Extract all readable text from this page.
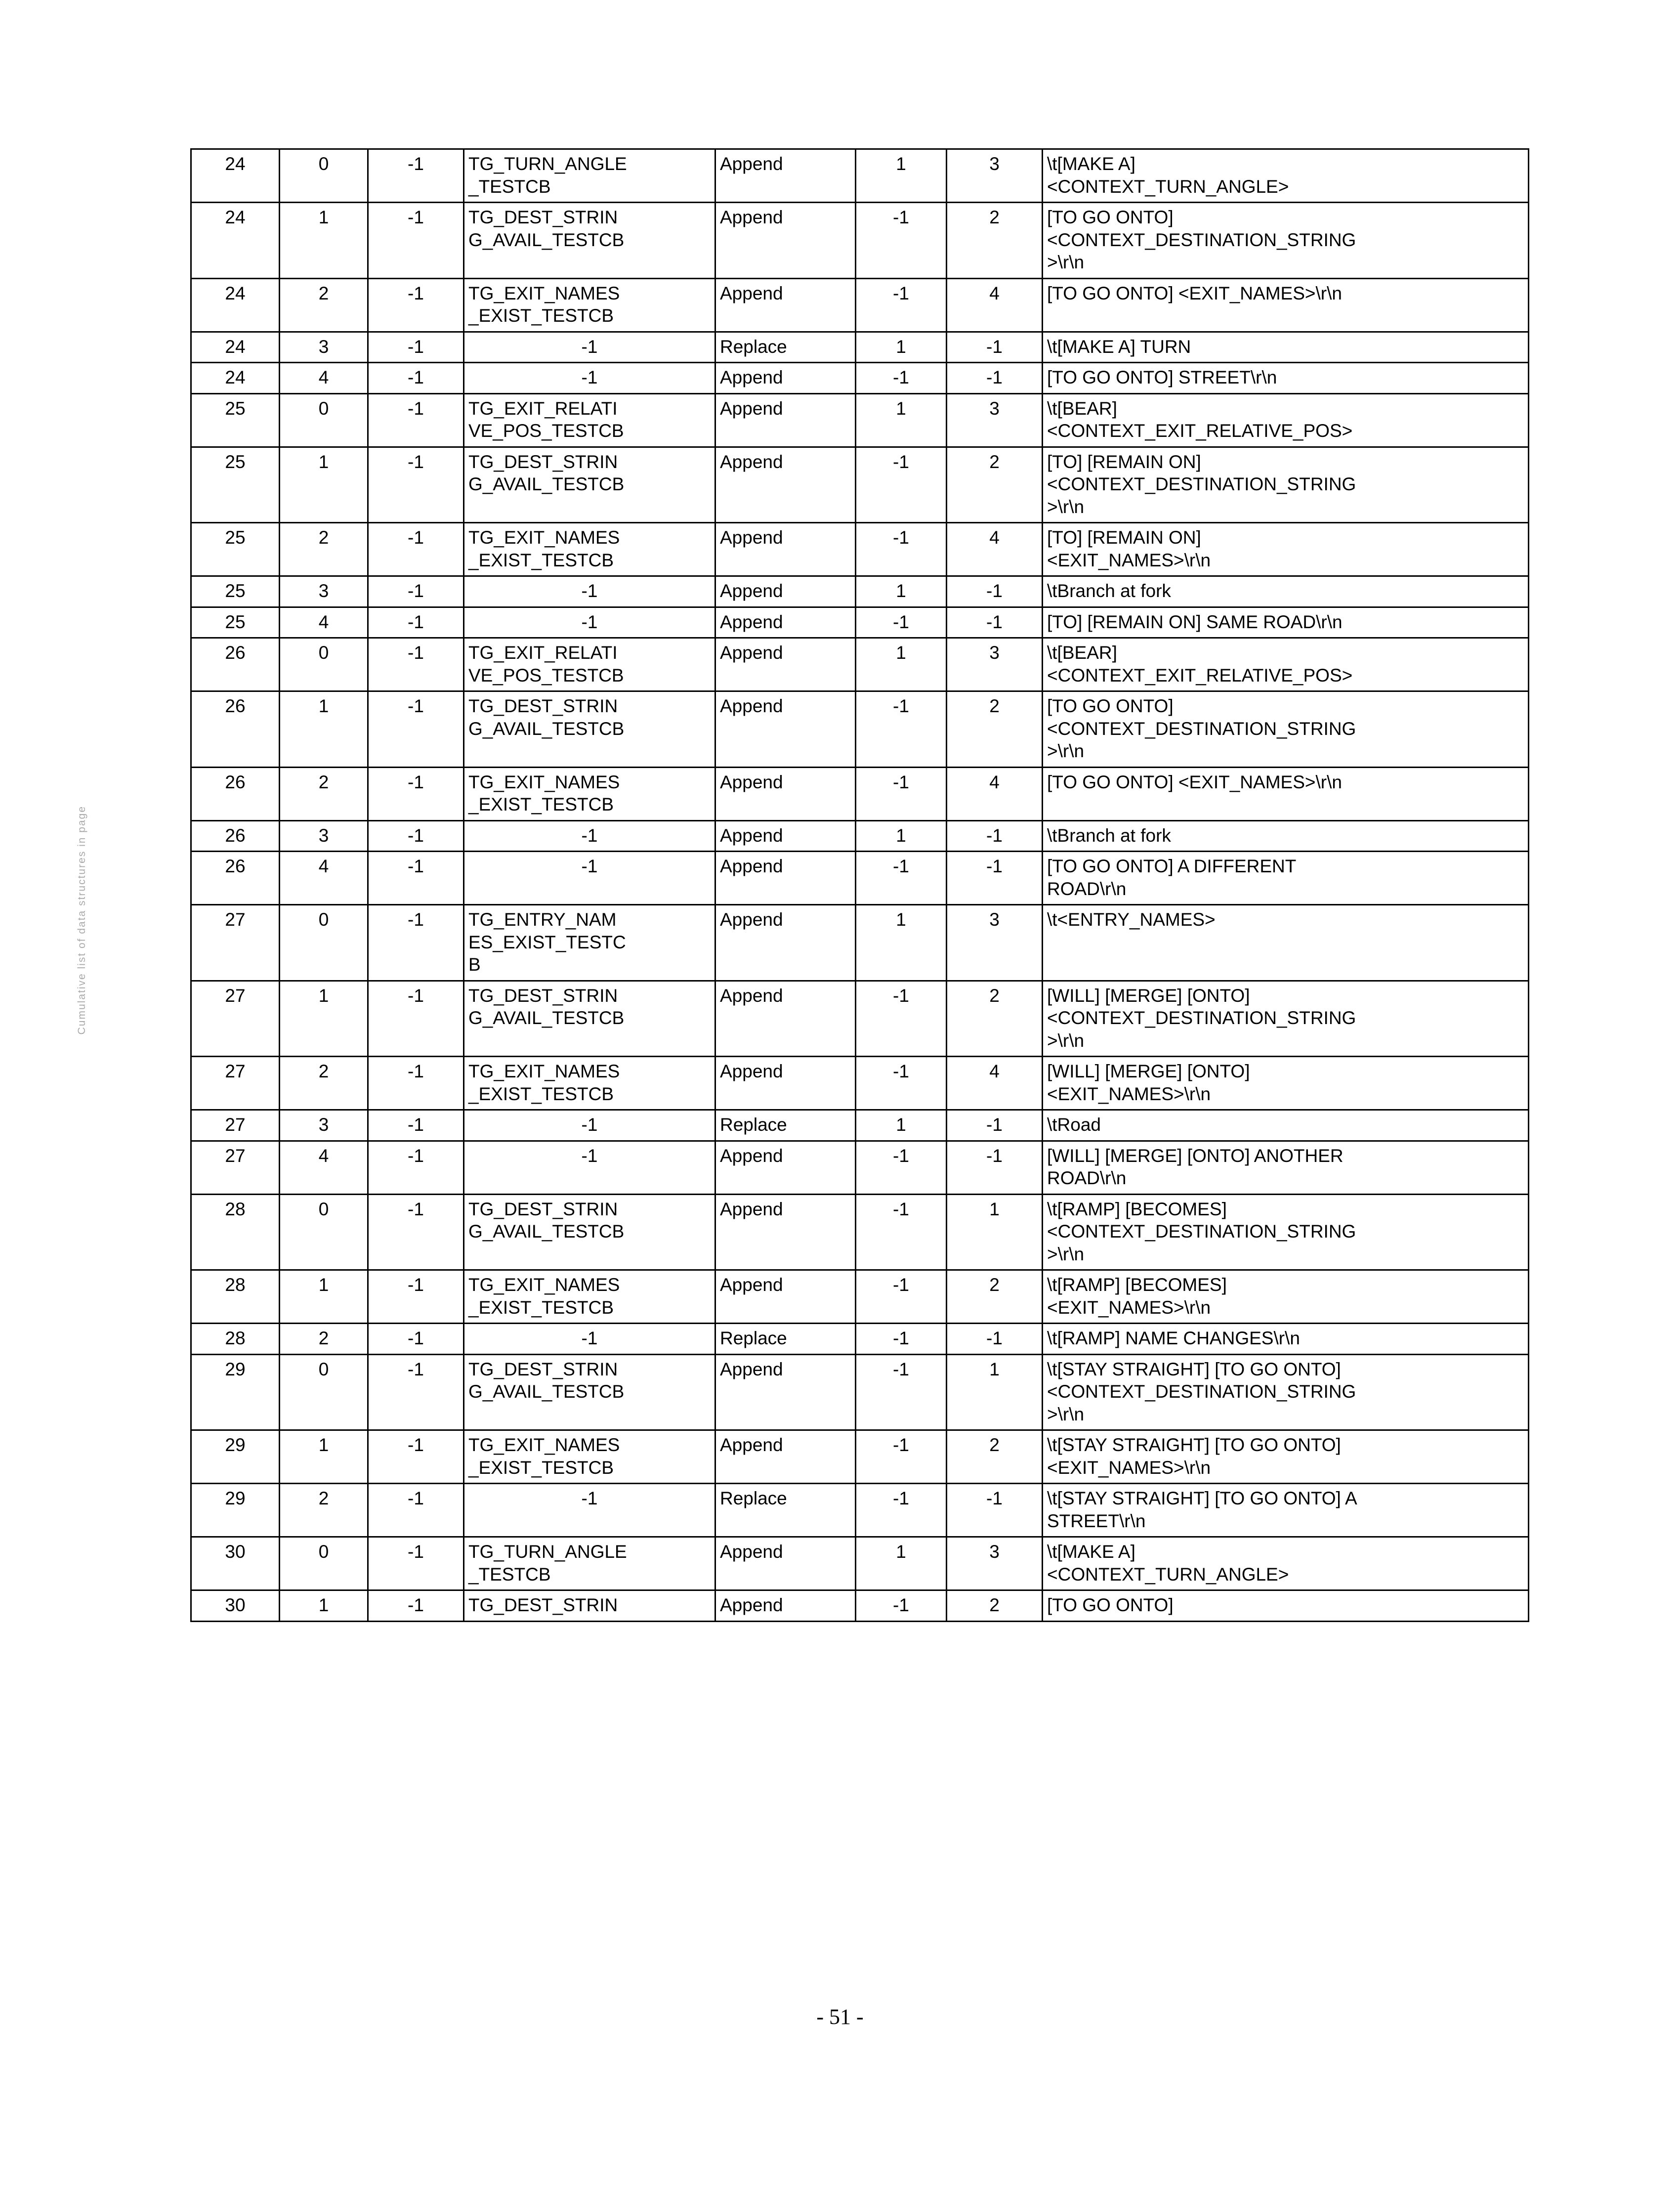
Cumulative list of data structures in page
24	0	-1	TG_TURN_ANGLE
_TESTCB	Append	1	3	\t[MAKE A]
<CONTEXT_TURN_ANGLE>
24	1	-1	TG_DEST_STRIN
G_AVAIL_TESTCB	Append	-1	2	[TO GO ONTO]
<CONTEXT_DESTINATION_STRING
>\r\n
24	2	-1	TG_EXIT_NAMES
_EXIST_TESTCB	Append	-1	4	[TO GO ONTO] <EXIT_NAMES>\r\n
24	3	-1	-1	Replace	1	-1	\t[MAKE A] TURN
24	4	-1	-1	Append	-1	-1	[TO GO ONTO] STREET\r\n
25	0	-1	TG_EXIT_RELATI
VE_POS_TESTCB	Append	1	3	\t[BEAR]
<CONTEXT_EXIT_RELATIVE_POS>
25	1	-1	TG_DEST_STRIN
G_AVAIL_TESTCB	Append	-1	2	[TO] [REMAIN ON]
<CONTEXT_DESTINATION_STRING
>\r\n
25	2	-1	TG_EXIT_NAMES
_EXIST_TESTCB	Append	-1	4	[TO] [REMAIN ON]
<EXIT_NAMES>\r\n
25	3	-1	-1	Append	1	-1	\tBranch at fork
25	4	-1	-1	Append	-1	-1	[TO] [REMAIN ON] SAME ROAD\r\n
26	0	-1	TG_EXIT_RELATI
VE_POS_TESTCB	Append	1	3	\t[BEAR]
<CONTEXT_EXIT_RELATIVE_POS>
26	1	-1	TG_DEST_STRIN
G_AVAIL_TESTCB	Append	-1	2	[TO GO ONTO]
<CONTEXT_DESTINATION_STRING
>\r\n
26	2	-1	TG_EXIT_NAMES
_EXIST_TESTCB	Append	-1	4	[TO GO ONTO] <EXIT_NAMES>\r\n
26	3	-1	-1	Append	1	-1	\tBranch at fork
26	4	-1	-1	Append	-1	-1	[TO GO ONTO] A DIFFERENT
ROAD\r\n
27	0	-1	TG_ENTRY_NAM
ES_EXIST_TESTC
B	Append	1	3	\t<ENTRY_NAMES>
27	1	-1	TG_DEST_STRIN
G_AVAIL_TESTCB	Append	-1	2	[WILL] [MERGE] [ONTO]
<CONTEXT_DESTINATION_STRING
>\r\n
27	2	-1	TG_EXIT_NAMES
_EXIST_TESTCB	Append	-1	4	[WILL] [MERGE] [ONTO]
<EXIT_NAMES>\r\n
27	3	-1	-1	Replace	1	-1	\tRoad
27	4	-1	-1	Append	-1	-1	[WILL] [MERGE] [ONTO] ANOTHER
ROAD\r\n
28	0	-1	TG_DEST_STRIN
G_AVAIL_TESTCB	Append	-1	1	\t[RAMP] [BECOMES]
<CONTEXT_DESTINATION_STRING
>\r\n
28	1	-1	TG_EXIT_NAMES
_EXIST_TESTCB	Append	-1	2	\t[RAMP] [BECOMES]
<EXIT_NAMES>\r\n
28	2	-1	-1	Replace	-1	-1	\t[RAMP] NAME CHANGES\r\n
29	0	-1	TG_DEST_STRIN
G_AVAIL_TESTCB	Append	-1	1	\t[STAY STRAIGHT] [TO GO ONTO]
<CONTEXT_DESTINATION_STRING
>\r\n
29	1	-1	TG_EXIT_NAMES
_EXIST_TESTCB	Append	-1	2	\t[STAY STRAIGHT] [TO GO ONTO]
<EXIT_NAMES>\r\n
29	2	-1	-1	Replace	-1	-1	\t[STAY STRAIGHT] [TO GO ONTO] A
STREET\r\n
30	0	-1	TG_TURN_ANGLE
_TESTCB	Append	1	3	\t[MAKE A]
<CONTEXT_TURN_ANGLE>
30	1	-1	TG_DEST_STRIN	Append	-1	2	[TO GO ONTO]
- 51 -
